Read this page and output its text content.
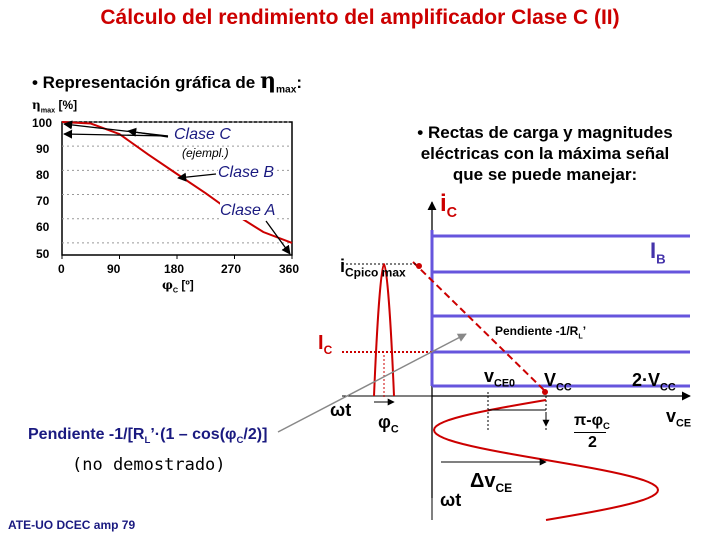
Cálculo del rendimiento del amplificador Clase C (II)
• Representación gráfica de $\eta_{max}$:
• Rectas de carga y magnitudes
eléctricas con la máxima señal
que se puede manejar:
$\eta_{max}$ [%]
100
90
80
70
60
50
0	90	180	270	360
$\varphi_C$ [º]
Clase C
(ejempl.)
Clase B
Clase A	$i_C$
$I_B$
$i_{Cpico max}$
$I_C$
Pendiente $-1/R_L$’
$v_{CE0}$ $V_{CC}$	$2\cdot V_{CC}$
$v_{CE}$
ωt
$\varphi_C$
$\pi-\varphi_C$
2
$\Delta v_{CE}$
ωt
Pendiente $-1/[R_L’\cdot(1 - \cos(\varphi_C/2)]$
(no demostrado)
ATE-UO DCEC amp 79
